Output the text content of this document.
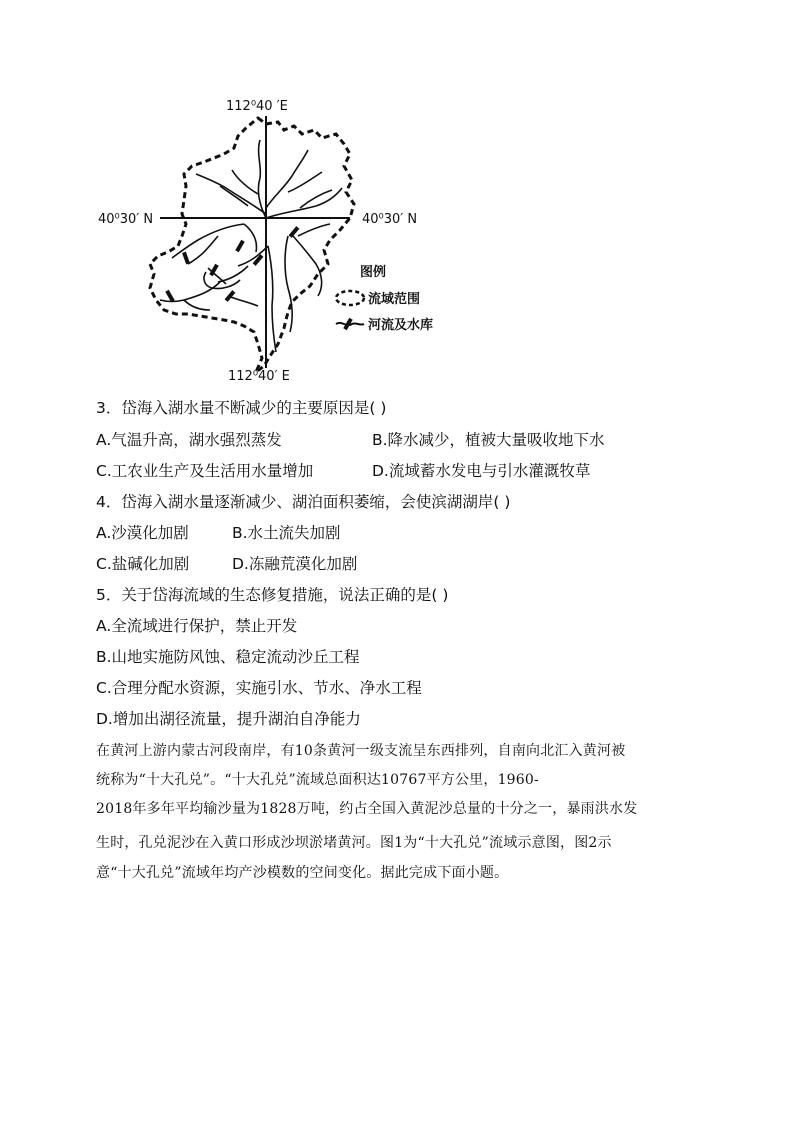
112⁰40 ′E
112⁰40′ E
40⁰30′ N	40⁰30′ N
图例
流域范围
河流及水库
3．岱海入湖水量不断减少的主要原因是( )
A.气温升高，湖水强烈蒸发	B.降水减少，植被大量吸收地下水
C.工农业生产及生活用水量增加	D.流域蓄水发电与引水灌溉牧草
4．岱海入湖水量逐渐减少、湖泊面积萎缩，会使滨湖湖岸( )
A.沙漠化加剧	B.水土流失加剧
C.盐碱化加剧	D.冻融荒漠化加剧
5．关于岱海流域的生态修复措施，说法正确的是( )
A.全流域进行保护，禁止开发
B.山地实施防风蚀、稳定流动沙丘工程
C.合理分配水资源，实施引水、节水、净水工程
D.增加出湖径流量，提升湖泊自净能力
在黄河上游内蒙古河段南岸，有10条黄河一级支流呈东西排列，自南向北汇入黄河被
统称为“十大孔兑”。“十大孔兑”流域总面积达10767平方公里，1960-
2018年多年平均输沙量为1828万吨，约占全国入黄泥沙总量的十分之一，暴雨洪水发
生时，孔兑泥沙在入黄口形成沙坝淤堵黄河。图1为“十大孔兑”流域示意图，图2示
意“十大孔兑”流域年均产沙模数的空间变化。据此完成下面小题。
